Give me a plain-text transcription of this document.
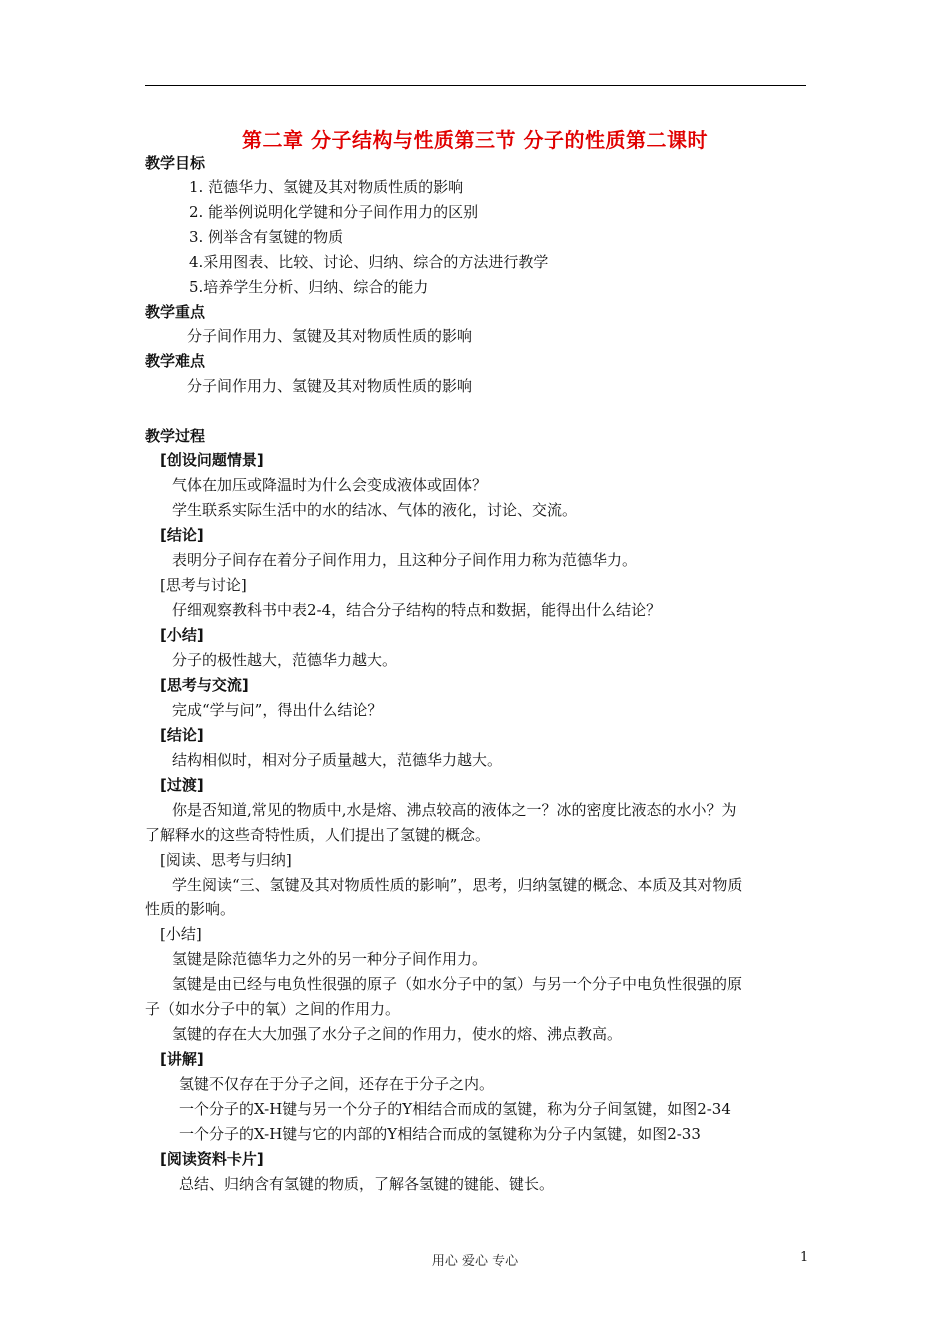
第二章 分子结构与性质第三节 分子的性质第二课时
教学目标
1. 范德华力、氢键及其对物质性质的影响
2. 能举例说明化学键和分子间作用力的区别
3. 例举含有氢键的物质
4.采用图表、比较、讨论、归纳、综合的方法进行教学
5.培养学生分析、归纳、综合的能力
教学重点
分子间作用力、氢键及其对物质性质的影响
教学难点
分子间作用力、氢键及其对物质性质的影响
教学过程
[创设问题情景]
气体在加压或降温时为什么会变成液体或固体？
学生联系实际生活中的水的结冰、气体的液化，讨论、交流。
[结论]
表明分子间存在着分子间作用力，且这种分子间作用力称为范德华力。
[思考与讨论]
仔细观察教科书中表2-4，结合分子结构的特点和数据，能得出什么结论？
[小结]
分子的极性越大，范德华力越大。
[思考与交流]
完成“学与问”，得出什么结论？
[结论]
结构相似时，相对分子质量越大，范德华力越大。
[过渡]
你是否知道,常见的物质中,水是熔、沸点较高的液体之一？冰的密度比液态的水小？为
了解释水的这些奇特性质，人们提出了氢键的概念。
[阅读、思考与归纳]
学生阅读“三、氢键及其对物质性质的影响”，思考，归纳氢键的概念、本质及其对物质
性质的影响。
[小结]
氢键是除范德华力之外的另一种分子间作用力。
氢键是由已经与电负性很强的原子（如水分子中的氢）与另一个分子中电负性很强的原
子（如水分子中的氧）之间的作用力。
氢键的存在大大加强了水分子之间的作用力，使水的熔、沸点教高。
[讲解]
氢键不仅存在于分子之间，还存在于分子之内。
一个分子的X-H键与另一个分子的Y相结合而成的氢键，称为分子间氢键，如图2-34
一个分子的X-H键与它的内部的Y相结合而成的氢键称为分子内氢键，如图2-33
[阅读资料卡片]
总结、归纳含有氢键的物质，了解各氢键的键能、键长。
用心 爱心 专心	1
